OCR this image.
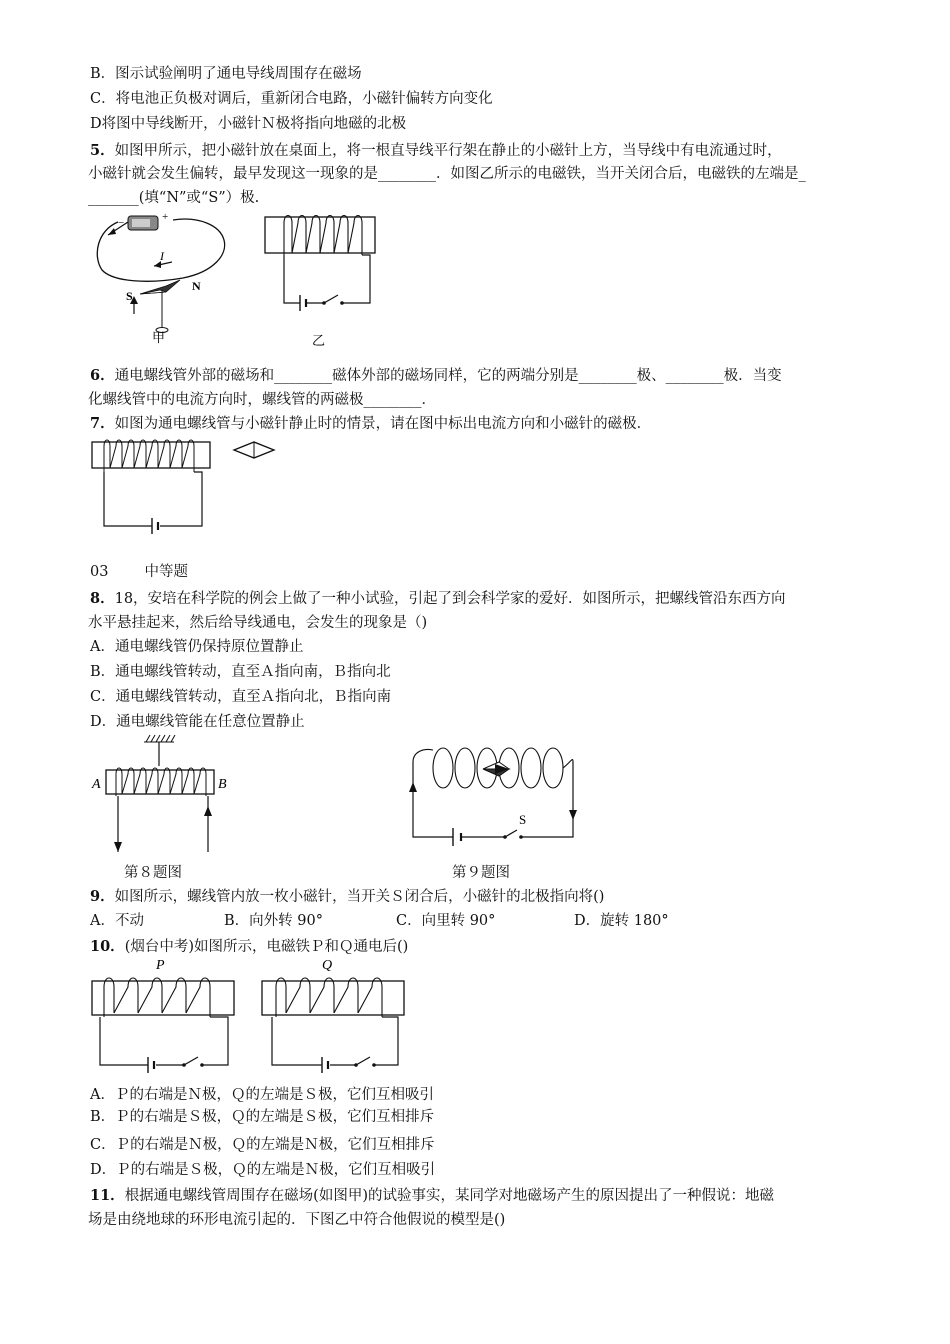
B．图示试验阐明了通电导线周围存在磁场
C．将电池正负极对调后，重新闭合电路，小磁针偏转方向变化
D将图中导线断开，小磁针Ｎ极将指向地磁的北极
5．如图甲所示，把小磁针放在桌面上，将一根直导线平行架在静止的小磁针上方，当导线中有电流通过时，
小磁针就会发生偏转，最早发现这一现象的是________．如图乙所示的电磁铁，当开关闭合后，电磁铁的左端是_
_______(填“N”或“S”）极.
−	+
I
S
N
甲	乙
6．通电螺线管外部的磁场和________磁体外部的磁场同样，它的两端分别是________极、________极．当变
化螺线管中的电流方向时，螺线管的两磁极________．
7．如图为通电螺线管与小磁针静止时的情景，请在图中标出电流方向和小磁针的磁极．
03 中等题
8．18，安培在科学院的例会上做了一种小试验，引起了到会科学家的爱好．如图所示，把螺线管沿东西方向
水平悬挂起来，然后给导线通电，会发生的现象是（)
A．通电螺线管仍保持原位置静止
B．通电螺线管转动，直至Ａ指向南，Ｂ指向北
C．通电螺线管转动，直至Ａ指向北，Ｂ指向南
D．通电螺线管能在任意位置静止
A	B
第８题图
S
第９题图
9．如图所示，螺线管内放一枚小磁针，当开关Ｓ闭合后，小磁针的北极指向将()
A．不动	B．向外转 90°	C．向里转 90°	D．旋转 180°
10．(烟台中考)如图所示，电磁铁Ｐ和Ｑ通电后()
P	Q
A．Ｐ的右端是Ｎ极，Ｑ的左端是Ｓ极，它们互相吸引
B．Ｐ的右端是Ｓ极，Ｑ的左端是Ｓ极，它们互相排斥
C．Ｐ的右端是Ｎ极，Ｑ的左端是Ｎ极，它们互相排斥
D．Ｐ的右端是Ｓ极，Ｑ的左端是Ｎ极，它们互相吸引
11．根据通电螺线管周围存在磁场(如图甲)的试验事实，某同学对地磁场产生的原因提出了一种假说：地磁
场是由绕地球的环形电流引起的．下图乙中符合他假说的模型是()
